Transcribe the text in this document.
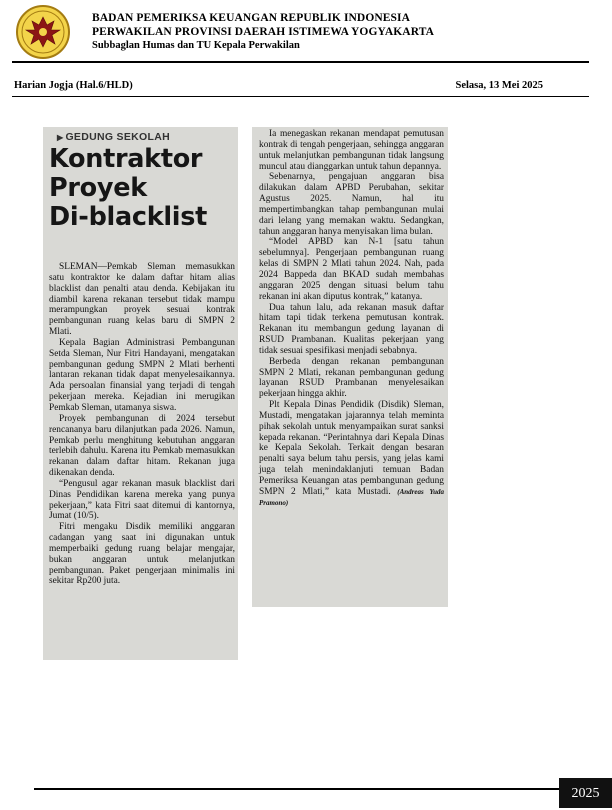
BADAN PEMERIKSA KEUANGAN REPUBLIK INDONESIA
PERWAKILAN PROVINSI DAERAH ISTIMEWA YOGYAKARTA
Subbaglan Humas dan TU Kepala Perwakilan
Harian Jogja (Hal.6/HLD)	Selasa, 13 Mei 2025
▶ GEDUNG SEKOLAH
Kontraktor
Proyek
Di-blacklist

SLEMAN—Pemkab Sleman memasukkan satu kontraktor ke dalam daftar hitam alias blacklist dan penalti atau denda. Kebijakan itu diambil karena rekanan tersebut tidak mampu merampungkan proyek sesuai kontrak pembangunan ruang kelas baru di SMPN 2 Mlati.

Kepala Bagian Administrasi Pembangunan Setda Sleman, Nur Fitri Handayani, mengatakan pembangunan gedung SMPN 2 Mlati berhenti lantaran rekanan tidak dapat menyelesaikannya. Ada persoalan finansial yang terjadi di tengah pekerjaan mereka. Kejadian ini merugikan Pemkab Sleman, utamanya siswa.

Proyek pembangunan di 2024 tersebut rencananya baru dilanjutkan pada 2026. Namun, Pemkab perlu menghitung kebutuhan anggaran terlebih dahulu. Karena itu Pemkab memasukkan rekanan dalam daftar hitam. Rekanan juga dikenakan denda.

“Pengusul agar rekanan masuk blacklist dari Dinas Pendidikan karena mereka yang punya pekerjaan,” kata Fitri saat ditemui di kantornya, Jumat (10/5).

Fitri mengaku Disdik memiliki anggaran cadangan yang saat ini digunakan untuk memperbaiki gedung ruang belajar mengajar, bukan anggaran untuk melanjutkan pembangunan. Paket pengerjaan minimalis ini sekitar Rp200 juta.

Ia menegaskan rekanan mendapat pemutusan kontrak di tengah pengerjaan, sehingga anggaran untuk melanjutkan pembangunan tidak langsung muncul atau dianggarkan untuk tahun depannya.

Sebenarnya, pengajuan anggaran bisa dilakukan dalam APBD Perubahan, sekitar Agustus 2025. Namun, hal itu mempertimbangkan tahap pembangunan mulai dari lelang yang memakan waktu. Sedangkan, tahun anggaran hanya menyisakan lima bulan.

“Model APBD kan N-1 [satu tahun sebelumnya]. Pengerjaan pembangunan ruang kelas di SMPN 2 Mlati tahun 2024. Nah, pada 2024 Bappeda dan BKAD sudah membahas anggaran 2025 dengan situasi belum tahu rekanan ini akan diputus kontrak,” katanya.

Dua tahun lalu, ada rekanan masuk daftar hitam tapi tidak terkena pemutusan kontrak. Rekanan itu membangun gedung layanan di RSUD Prambanan. Kualitas pekerjaan yang tidak sesuai spesifikasi menjadi sebabnya.

Berbeda dengan rekanan pembangunan SMPN 2 Mlati, rekanan pembangunan gedung layanan RSUD Prambanan menyelesaikan pekerjaan hingga akhir.

Plt Kepala Dinas Pendidik (Disdik) Sleman, Mustadi, mengatakan jajarannya telah meminta pihak sekolah untuk menyampaikan surat sanksi kepada rekanan. “Perintahnya dari Kepala Dinas ke Kepala Sekolah. Terkait dengan besaran penalti saya belum tahu persis, yang jelas kami juga telah menindaklanjuti temuan Badan Pemeriksa Keuangan atas pembangunan gedung SMPN 2 Mlati,” kata Mustadi. (Andreas Yuda Pramono)

2025
